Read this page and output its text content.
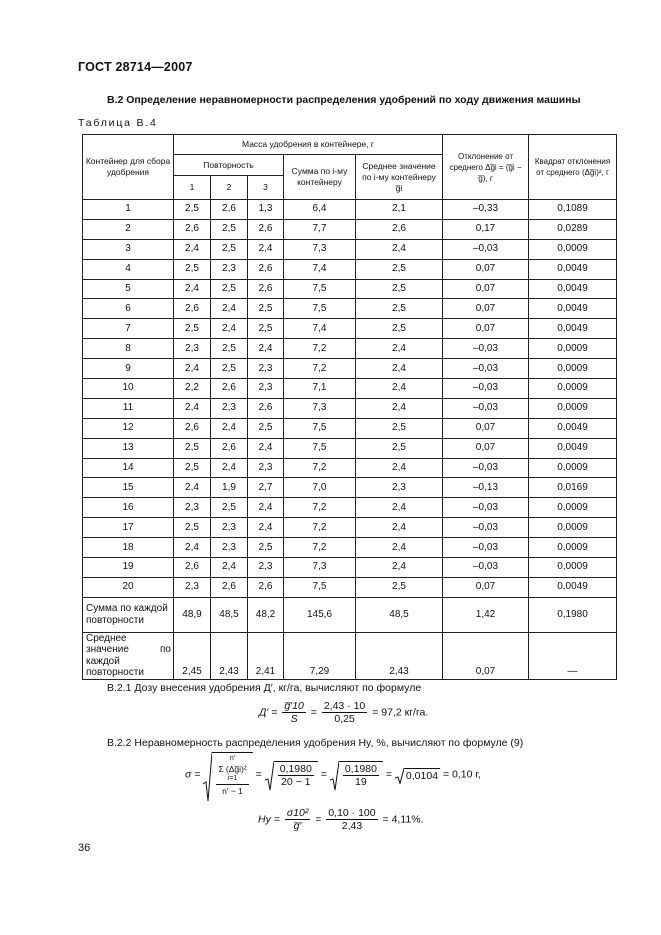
ГОСТ 28714—2007
В.2 Определение неравномерности распределения удобрений по ходу движения машины
Таблица В.4
Контейнер для сбора удобрения	Масса удобрения в контейнере, г					Отклонение от среднего Δg̅i = (g̅i − g̅), г	Квадрат отклонения от среднего (Δg̅i)², г
	Повторность			Сумма по i-му контейнеру	Среднее значение по i-му контейнеру g̅i		
	1	2	3				
1	2,5	2,6	1,3	6,4	2,1	–0,33	0,1089
2	2,6	2,5	2,6	7,7	2,6	0,17	0,0289
3	2,4	2,5	2,4	7,3	2,4	–0,03	0,0009
4	2,5	2,3	2,6	7,4	2,5	0,07	0,0049
5	2,4	2,5	2,6	7,5	2,5	0,07	0,0049
6	2,6	2,4	2,5	7,5	2,5	0,07	0,0049
7	2,5	2,4	2,5	7,4	2,5	0,07	0,0049
8	2,3	2,5	2,4	7,2	2,4	–0,03	0,0009
9	2,4	2,5	2,3	7,2	2,4	–0,03	0,0009
10	2,2	2,6	2,3	7,1	2,4	–0,03	0,0009
11	2,4	2,3	2,6	7,3	2,4	–0,03	0,0009
12	2,6	2,4	2,5	7,5	2,5	0,07	0,0049
13	2,5	2,6	2,4	7,5	2,5	0,07	0,0049
14	2,5	2,4	2,3	7,2	2,4	–0,03	0,0009
15	2,4	1,9	2,7	7,0	2,3	–0,13	0,0169
16	2,3	2,5	2,4	7,2	2,4	–0,03	0,0009
17	2,5	2,3	2,4	7,2	2,4	–0,03	0,0009
18	2,4	2,3	2,5	7,2	2,4	–0,03	0,0009
19	2,6	2,4	2,3	7,3	2,4	–0,03	0,0009
20	2,3	2,6	2,6	7,5	2,5	0,07	0,0049
Сумма по каждой повторности	48,9	48,5	48,2	145,6	48,5	1,42	0,1980
Среднее значение по каждой повторности	2,45	2,43	2,41	7,29	2,43	0,07	—
В.2.1 Дозу внесения удобрения Д′, кг/га, вычисляют по формуле
$Д' = \frac{g̅'10}{S} = \frac{2,43 \cdot 10}{0,25} = 97,2$ кг/га.
В.2.2 Неравномерность распределения удобрения Hy, %, вычисляют по формуле (9)
σ = n′
Σ (Δg̅i)²
i=1
$n' - 1 = \frac{0,1980}{20 - 1} = \frac{0,1980}{19} = 0,0104 = 0,10$ г,
$Hy = \frac{\text{σ10²}}{g̅'} = \frac{0,10 \cdot 100}{2,43} = 4,11\%$.
36
